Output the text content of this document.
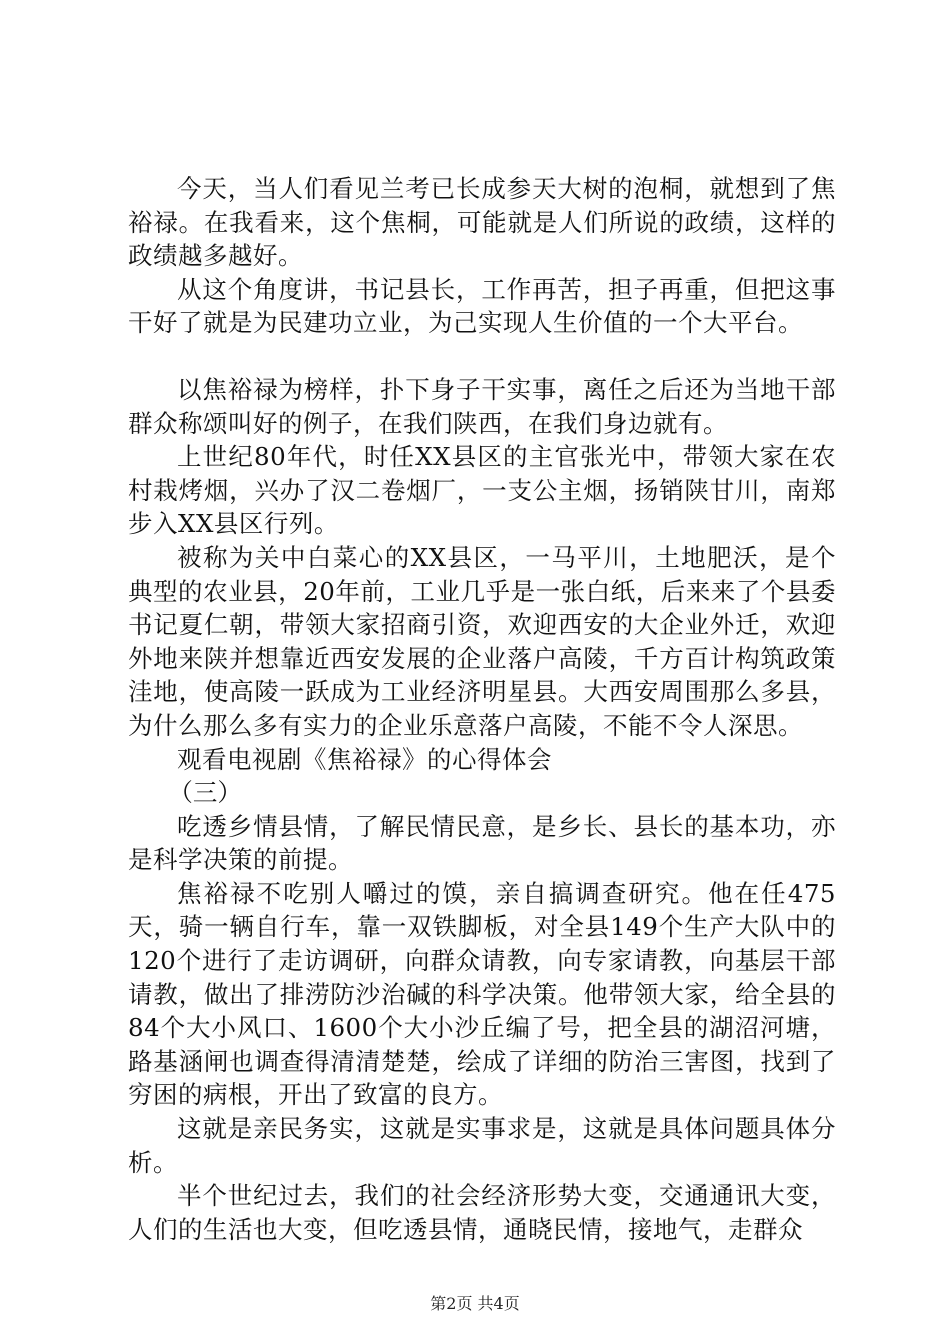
今天，当人们看见兰考已长成参天大树的泡桐，就想到了焦裕禄。在我看来，这个焦桐，可能就是人们所说的政绩，这样的政绩越多越好。

从这个角度讲，书记县长，工作再苦，担子再重，但把这事干好了就是为民建功立业，为己实现人生价值的一个大平台。

以焦裕禄为榜样，扑下身子干实事，离任之后还为当地干部群众称颂叫好的例子，在我们陕西，在我们身边就有。

上世纪80年代，时任XX县区的主官张光中，带领大家在农村栽烤烟，兴办了汉二卷烟厂，一支公主烟，扬销陕甘川，南郑步入XX县区行列。

被称为关中白菜心的XX县区，一马平川，土地肥沃，是个典型的农业县，20年前，工业几乎是一张白纸，后来来了个县委书记夏仁朝，带领大家招商引资，欢迎西安的大企业外迁，欢迎外地来陕并想靠近西安发展的企业落户高陵，千方百计构筑政策洼地，使高陵一跃成为工业经济明星县。大西安周围那么多县，为什么那么多有实力的企业乐意落户高陵，不能不令人深思。

观看电视剧《焦裕禄》的心得体会

（三）

吃透乡情县情，了解民情民意，是乡长、县长的基本功，亦是科学决策的前提。

焦裕禄不吃别人嚼过的馍，亲自搞调查研究。他在任475天，骑一辆自行车，靠一双铁脚板，对全县149个生产大队中的120个进行了走访调研，向群众请教，向专家请教，向基层干部请教，做出了排涝防沙治碱的科学决策。他带领大家，给全县的84个大小风口、1600个大小沙丘编了号，把全县的湖沼河塘，路基涵闸也调查得清清楚楚，绘成了详细的防治三害图，找到了穷困的病根，开出了致富的良方。

这就是亲民务实，这就是实事求是，这就是具体问题具体分析。

半个世纪过去，我们的社会经济形势大变，交通通讯大变，人们的生活也大变，但吃透县情，通晓民情，接地气，走群众

第2页 共4页
